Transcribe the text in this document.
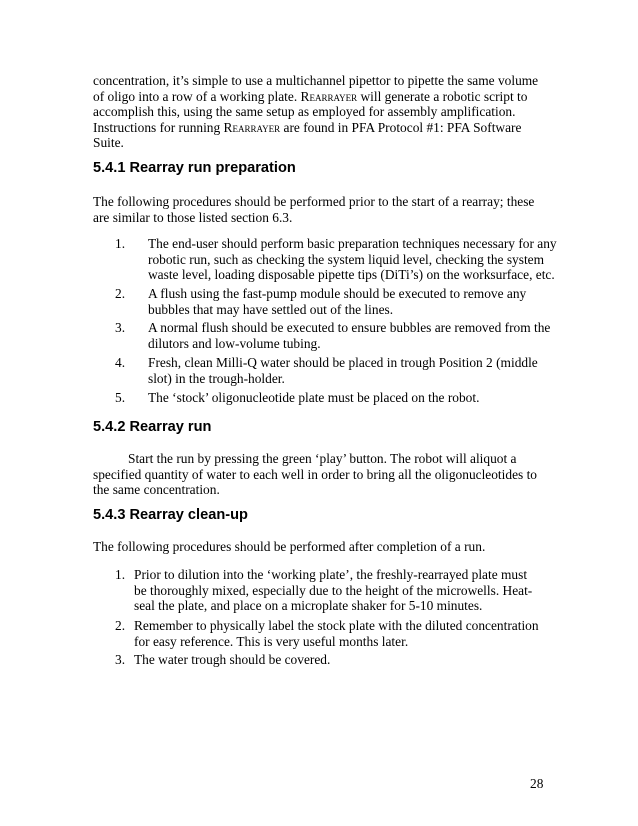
concentration, it’s simple to use a multichannel pipettor to pipette the same volume of oligo into a row of a working plate. Rearrayer will generate a robotic script to accomplish this, using the same setup as employed for assembly amplification. Instructions for running Rearrayer are found in PFA Protocol #1: PFA Software Suite.

5.4.1 Rearray run preparation

The following procedures should be performed prior to the start of a rearray; these are similar to those listed section 6.3.

1. The end-user should perform basic preparation techniques necessary for any robotic run, such as checking the system liquid level, checking the system waste level, loading disposable pipette tips (DiTi’s) on the worksurface, etc.
2. A flush using the fast-pump module should be executed to remove any bubbles that may have settled out of the lines.
3. A normal flush should be executed to ensure bubbles are removed from the dilutors and low-volume tubing.
4. Fresh, clean Milli-Q water should be placed in trough Position 2 (middle slot) in the trough-holder.
5. The ‘stock’ oligonucleotide plate must be placed on the robot.
5.4.2 Rearray run

Start the run by pressing the green ‘play’ button. The robot will aliquot a specified quantity of water to each well in order to bring all the oligonucleotides to the same concentration.

5.4.3 Rearray clean-up

The following procedures should be performed after completion of a run.

1. Prior to dilution into the ‘working plate’, the freshly-rearrayed plate must be thoroughly mixed, especially due to the height of the microwells. Heat-seal the plate, and place on a microplate shaker for 5-10 minutes.
2. Remember to physically label the stock plate with the diluted concentration for easy reference. This is very useful months later.
3. The water trough should be covered.
28
